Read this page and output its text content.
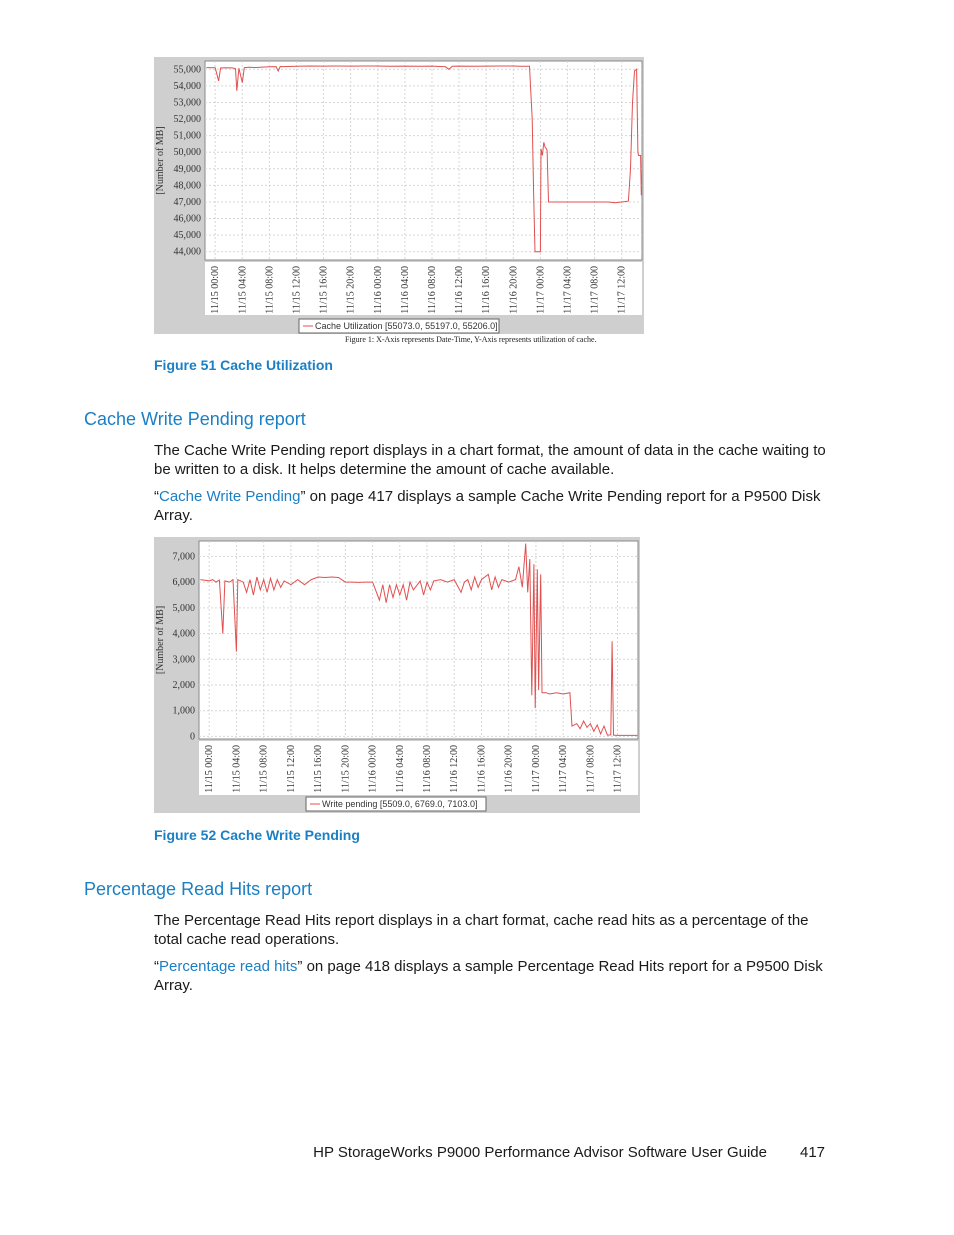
55,000
54,000
53,000
52,000
51,000
50,000
49,000
48,000
47,000
46,000
45,000
44,000
11/15 00:00 11/15 04:00 11/15 08:00 11/15 12:00 11/15 16:00 11/15 20:00 11/16 00:00 11/16 04:00 11/16 08:00 11/16 12:00 11/16 16:00 11/16 20:00 11/17 00:00 11/17 04:00 11/17 08:00 11/17 12:00
[Number of MB]
Cache Utilization [55073.0, 55197.0, 55206.0]
Figure 1: X-Axis represents Date-Time, Y-Axis represents utilization of cache.
Figure 51 Cache Utilization
Cache Write Pending report
The Cache Write Pending report displays in a chart format, the amount of data in the cache waiting to be written to a disk. It helps determine the amount of cache available.
“Cache Write Pending” on page 417 displays a sample Cache Write Pending report for a P9500 Disk Array.
7,000
6,000
5,000
4,000
3,000
2,000
1,000
0
11/15 00:00 11/15 04:00 11/15 08:00 11/15 12:00 11/15 16:00 11/15 20:00 11/16 00:00 11/16 04:00 11/16 08:00 11/16 12:00 11/16 16:00 11/16 20:00 11/17 00:00 11/17 04:00 11/17 08:00 11/17 12:00
[Number of MB]
Write pending [5509.0, 6769.0, 7103.0]
Figure 52 Cache Write Pending
Percentage Read Hits report
The Percentage Read Hits report displays in a chart format, cache read hits as a percentage of the total cache read operations.
“Percentage read hits” on page 418 displays a sample Percentage Read Hits report for a P9500 Disk Array.
HP StorageWorks P9000 Performance Advisor Software User Guide 417
